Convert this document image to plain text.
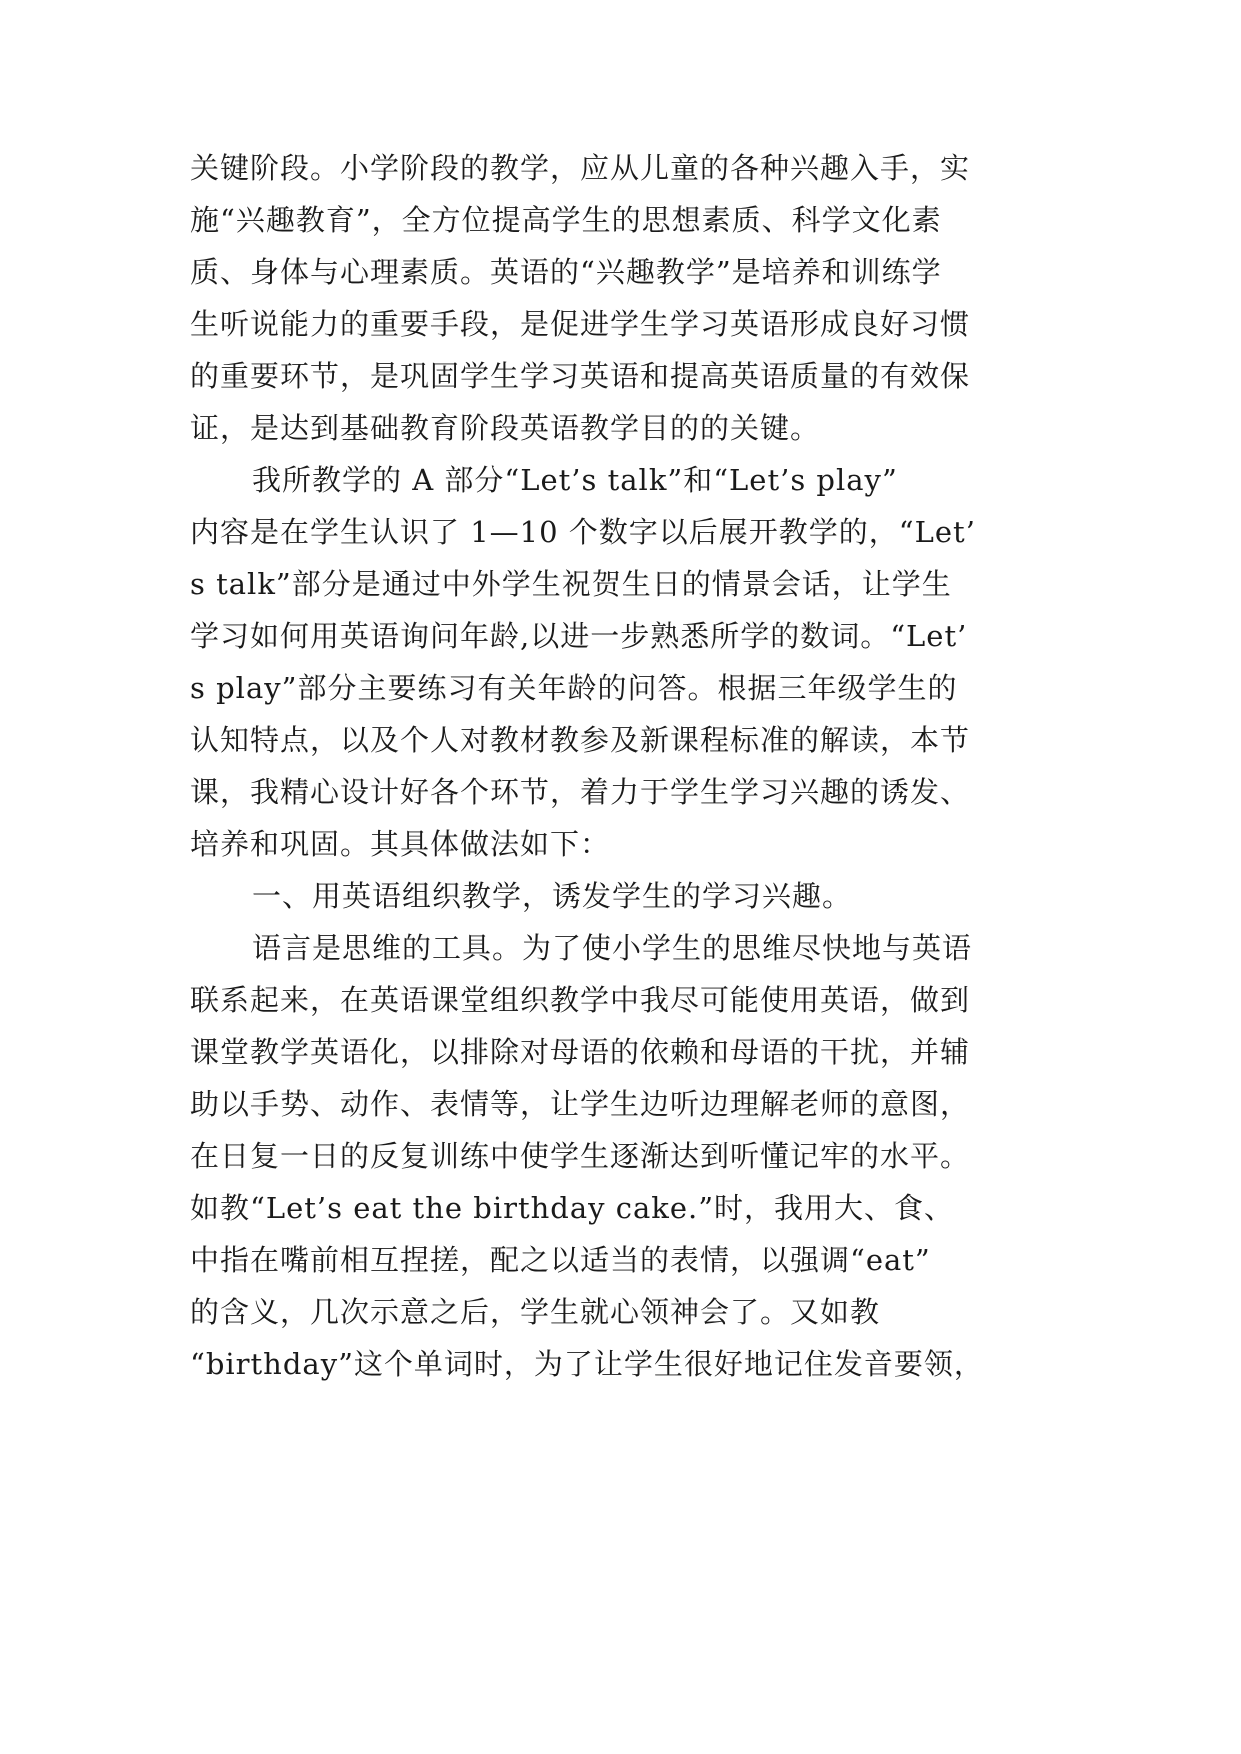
关键阶段。小学阶段的教学，应从儿童的各种兴趣入手，实
施“兴趣教育”，全方位提高学生的思想素质、科学文化素
质、身体与心理素质。英语的“兴趣教学”是培养和训练学
生听说能力的重要手段，是促进学生学习英语形成良好习惯
的重要环节，是巩固学生学习英语和提高英语质量的有效保
证，是达到基础教育阶段英语教学目的的关键。
我所教学的 A 部分“Let’s talk”和“Let’s play”
内容是在学生认识了 1—10 个数字以后展开教学的，“Let’
s talk”部分是通过中外学生祝贺生日的情景会话，让学生
学习如何用英语询问年龄,以进一步熟悉所学的数词。“Let’
s play”部分主要练习有关年龄的问答。根据三年级学生的
认知特点，以及个人对教材教参及新课程标准的解读，本节
课，我精心设计好各个环节，着力于学生学习兴趣的诱发、
培养和巩固。其具体做法如下：
一、用英语组织教学，诱发学生的学习兴趣。
语言是思维的工具。为了使小学生的思维尽快地与英语
联系起来，在英语课堂组织教学中我尽可能使用英语，做到
课堂教学英语化，以排除对母语的依赖和母语的干扰，并辅
助以手势、动作、表情等，让学生边听边理解老师的意图，
在日复一日的反复训练中使学生逐渐达到听懂记牢的水平。
如教“Let’s eat the birthday cake.”时，我用大、食、
中指在嘴前相互捏搓，配之以适当的表情，以强调“eat”
的含义，几次示意之后，学生就心领神会了。又如教
“birthday”这个单词时，为了让学生很好地记住发音要领，
